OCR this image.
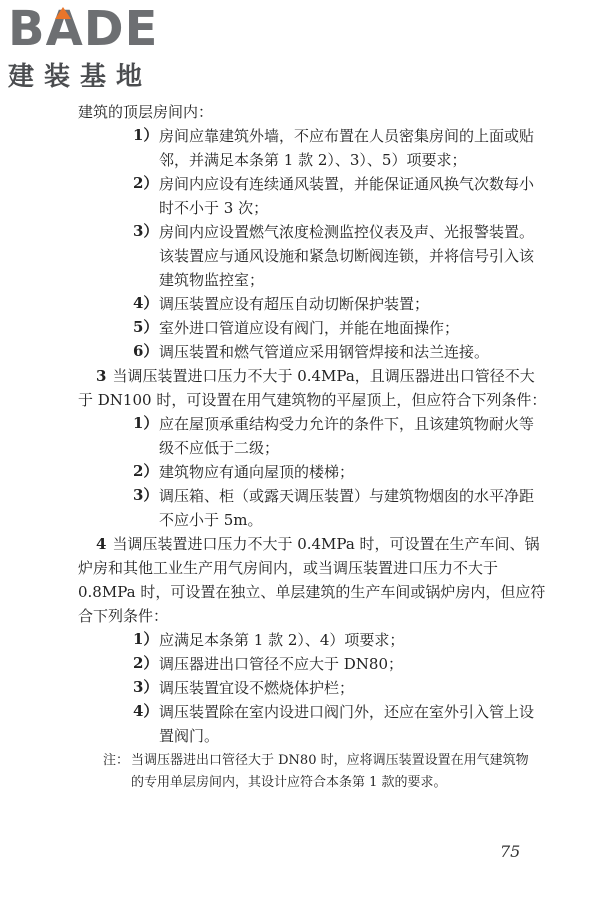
BADE
建装基地
建筑的顶层房间内：
1） 房间应靠建筑外墙，不应布置在人员密集房间的上面或贴邻，并满足本条第 1 款 2）、3）、5）项要求；
2） 房间内应设有连续通风装置，并能保证通风换气次数每小时不小于 3 次；
3） 房间内应设置燃气浓度检测监控仪表及声、光报警装置。该装置应与通风设施和紧急切断阀连锁，并将信号引入该建筑物监控室；
4） 调压装置应设有超压自动切断保护装置；
5） 室外进口管道应设有阀门，并能在地面操作；
6） 调压装置和燃气管道应采用钢管焊接和法兰连接。
3 当调压装置进口压力不大于 0.4MPa，且调压器进出口管径不大于 DN100 时，可设置在用气建筑物的平屋顶上，但应符合下列条件：
1） 应在屋顶承重结构受力允许的条件下，且该建筑物耐火等级不应低于二级；
2） 建筑物应有通向屋顶的楼梯；
3） 调压箱、柜（或露天调压装置）与建筑物烟囱的水平净距不应小于 5m。
4 当调压装置进口压力不大于 0.4MPa 时，可设置在生产车间、锅炉房和其他工业生产用气房间内，或当调压装置进口压力不大于 0.8MPa 时，可设置在独立、单层建筑的生产车间或锅炉房内，但应符合下列条件：
1） 应满足本条第 1 款 2）、4）项要求；
2） 调压器进出口管径不应大于 DN80；
3） 调压装置宜设不燃烧体护栏；
4） 调压装置除在室内设进口阀门外，还应在室外引入管上设置阀门。
注： 当调压器进出口管径大于 DN80 时，应将调压装置设置在用气建筑物的专用单层房间内，其设计应符合本条第 1 款的要求。
75
